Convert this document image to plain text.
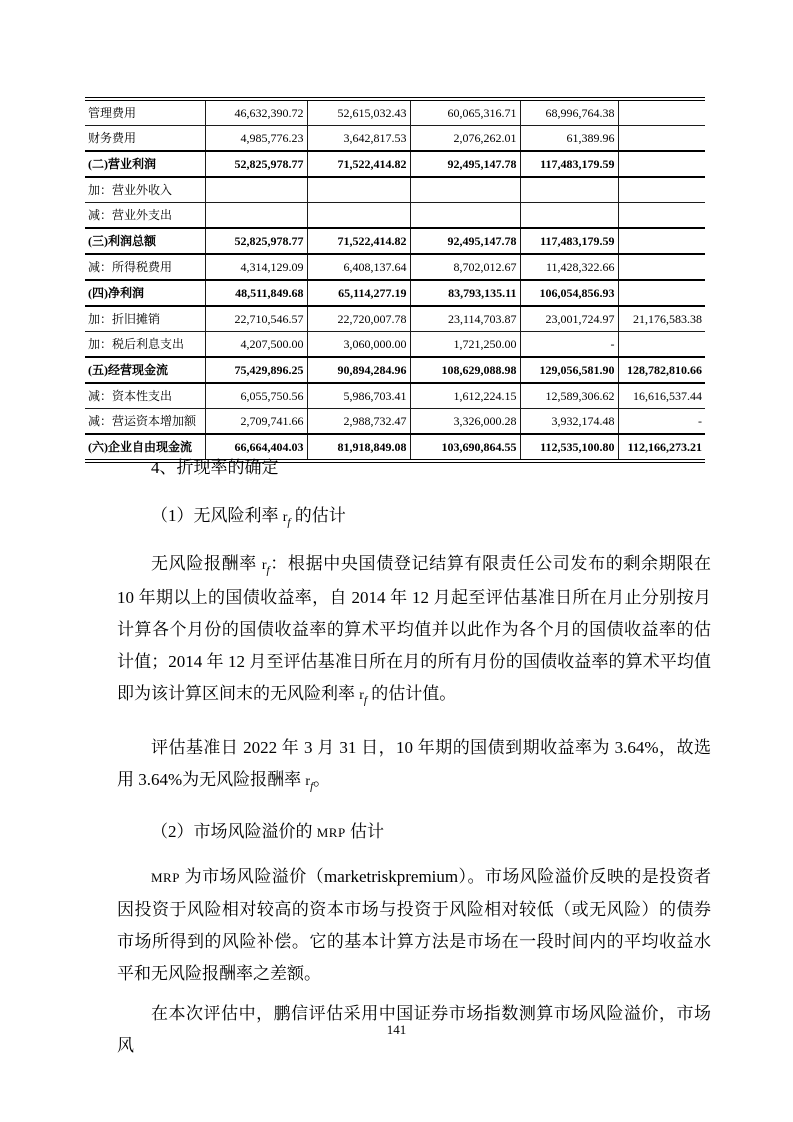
管理费用	46,632,390.72	52,615,032.43	60,065,316.71	68,996,764.38	
财务费用	4,985,776.23	3,642,817.53	2,076,262.01	61,389.96	
(二)营业利润	52,825,978.77	71,522,414.82	92,495,147.78	117,483,179.59	
加：营业外收入					
减：营业外支出					
(三)利润总额	52,825,978.77	71,522,414.82	92,495,147.78	117,483,179.59	
减：所得税费用	4,314,129.09	6,408,137.64	8,702,012.67	11,428,322.66	
(四)净利润	48,511,849.68	65,114,277.19	83,793,135.11	106,054,856.93	
加：折旧摊销	22,710,546.57	22,720,007.78	23,114,703.87	23,001,724.97	21,176,583.38
加：税后利息支出	4,207,500.00	3,060,000.00	1,721,250.00	-	
(五)经营现金流	75,429,896.25	90,894,284.96	108,629,088.98	129,056,581.90	128,782,810.66
减：资本性支出	6,055,750.56	5,986,703.41	1,612,224.15	12,589,306.62	16,616,537.44
减：营运资本增加额	2,709,741.66	2,988,732.47	3,326,000.28	3,932,174.48	-
(六)企业自由现金流	66,664,404.03	81,918,849.08	103,690,864.55	112,535,100.80	112,166,273.21

4、折现率的确定

（1）无风险利率 $r_f$ 的估计

无风险报酬率 $r_f$：根据中央国债登记结算有限责任公司发布的剩余期限在 10 年期以上的国债收益率，自 2014 年 12 月起至评估基准日所在月止分别按月计算各个月份的国债收益率的算术平均值并以此作为各个月的国债收益率的估计值；2014 年 12 月至评估基准日所在月的所有月份的国债收益率的算术平均值即为该计算区间末的无风险利率 $r_f$ 的估计值。

评估基准日 2022 年 3 月 31 日，10 年期的国债到期收益率为 3.64%，故选用 3.64%为无风险报酬率 $r_f$。

（2）市场风险溢价的 MRP 估计

MRP 为市场风险溢价（marketriskpremium）。市场风险溢价反映的是投资者因投资于风险相对较高的资本市场与投资于风险相对较低（或无风险）的债券市场所得到的风险补偿。它的基本计算方法是市场在一段时间内的平均收益水平和无风险报酬率之差额。

在本次评估中，鹏信评估采用中国证券市场指数测算市场风险溢价，市场风

141
